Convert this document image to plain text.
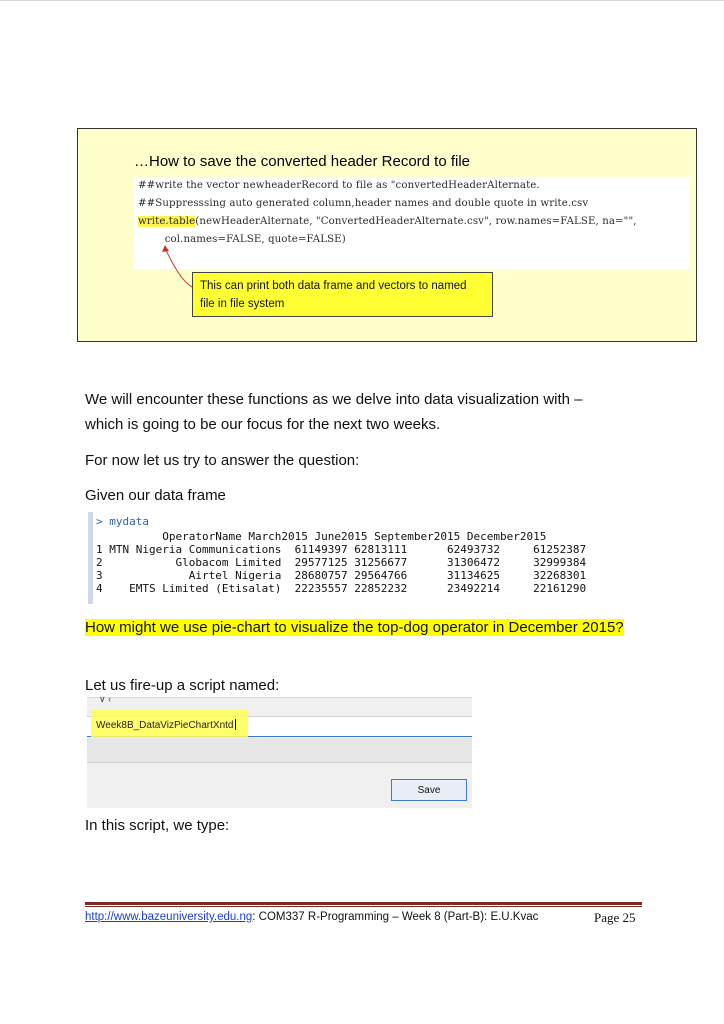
…How to save the converted header Record to file
##write the vector newheaderRecord to file as "convertedHeaderAlternate.
##Suppresssing auto generated column,header names and double quote in write.csv
write.table(newHeaderAlternate, "ConvertedHeaderAlternate.csv", row.names=FALSE, na="",
col.names=FALSE, quote=FALSE)
This can print both data frame and vectors to named
file in file system
We will encounter these functions as we delve into data visualization with –
which is going to be our focus for the next two weeks.
For now let us try to answer the question:
Given our data frame
> mydata
OperatorName March2015 June2015 September2015 December2015
1 MTN Nigeria Communications  61149397 62813111      62493732     61252387
2           Globacom Limited  29577125 31256677      31306472     32999384
3             Airtel Nigeria  28680757 29564766      31134625     32268301
4    EMTS Limited (Etisalat)  22235557 22852232      23492214     22161290
How might we use pie-chart to visualize the top-dog operator in December 2015?
Let us fire-up a script named:
∨ ‹
Week8B_DataVizPieChartXntd
Save
In this script, we type:
http://www.bazeuniversity.edu.ng: COM337 R-Programming – Week 8 (Part-B): E.U.Kvac	Page 25
